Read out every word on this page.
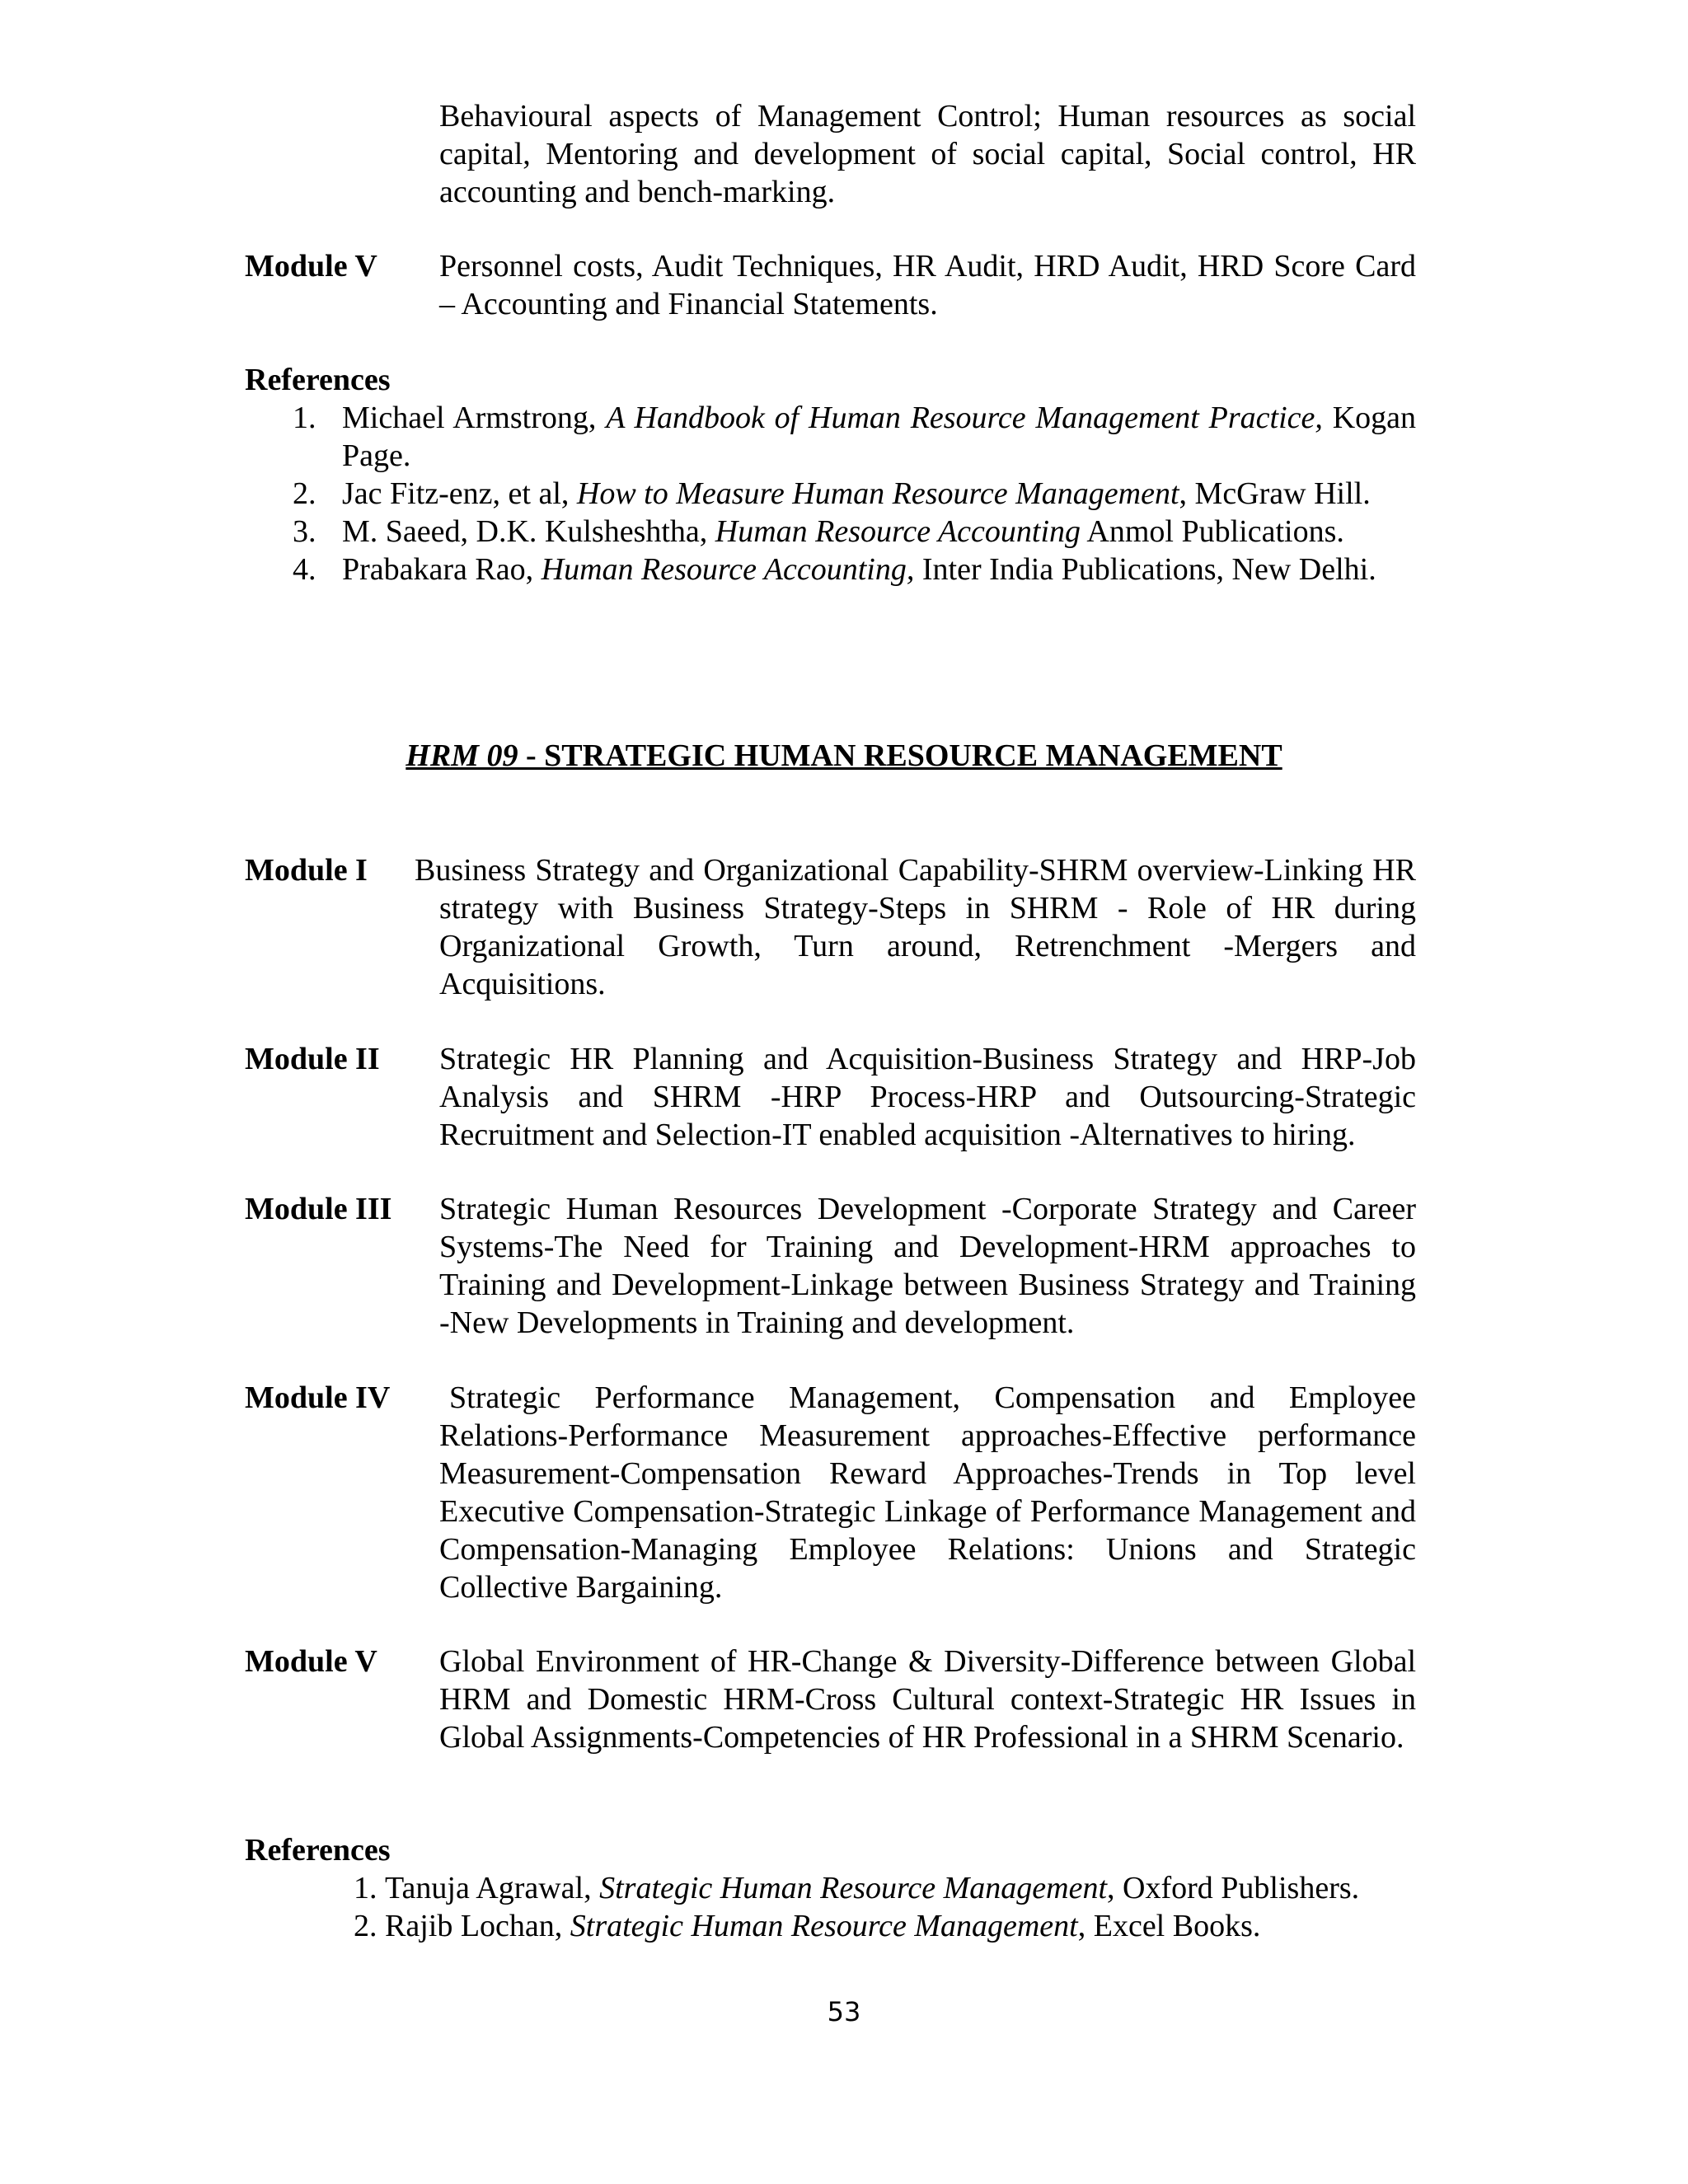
Behavioural aspects of Management Control; Human resources as social capital, Mentoring and development of social capital, Social control, HR accounting and bench-marking.
Module V Personnel costs, Audit Techniques, HR Audit, HRD Audit, HRD Score Card – Accounting and Financial Statements.
References
1. Michael Armstrong, A Handbook of Human Resource Management Practice, Kogan Page.
2. Jac Fitz-enz, et al, How to Measure Human Resource Management, McGraw Hill.
3. M. Saeed, D.K. Kulsheshtha, Human Resource Accounting Anmol Publications.
4. Prabakara Rao, Human Resource Accounting, Inter India Publications, New Delhi.
HRM 09 - STRATEGIC HUMAN RESOURCE MANAGEMENT
Module I Business Strategy and Organizational Capability-SHRM overview-Linking HR strategy with Business Strategy-Steps in SHRM - Role of HR during Organizational Growth, Turn around, Retrenchment -Mergers and Acquisitions.
Module II Strategic HR Planning and Acquisition-Business Strategy and HRP-Job Analysis and SHRM -HRP Process-HRP and Outsourcing-Strategic Recruitment and Selection-IT enabled acquisition -Alternatives to hiring.
Module III Strategic Human Resources Development -Corporate Strategy and Career Systems-The Need for Training and Development-HRM approaches to Training and Development-Linkage between Business Strategy and Training -New Developments in Training and development.
Module IV	Strategic Performance Management, Compensation and Employee Relations-Performance Measurement approaches-Effective performance Measurement-Compensation Reward Approaches-Trends in Top level Executive Compensation-Strategic Linkage of Performance Management and Compensation-Managing Employee Relations: Unions and Strategic Collective Bargaining.
Module V Global Environment of HR-Change & Diversity-Difference between Global HRM and Domestic HRM-Cross Cultural context-Strategic HR Issues in Global Assignments-Competencies of HR Professional in a SHRM Scenario.
References
1. Tanuja Agrawal, Strategic Human Resource Management, Oxford Publishers.
2. Rajib Lochan, Strategic Human Resource Management, Excel Books.
53
